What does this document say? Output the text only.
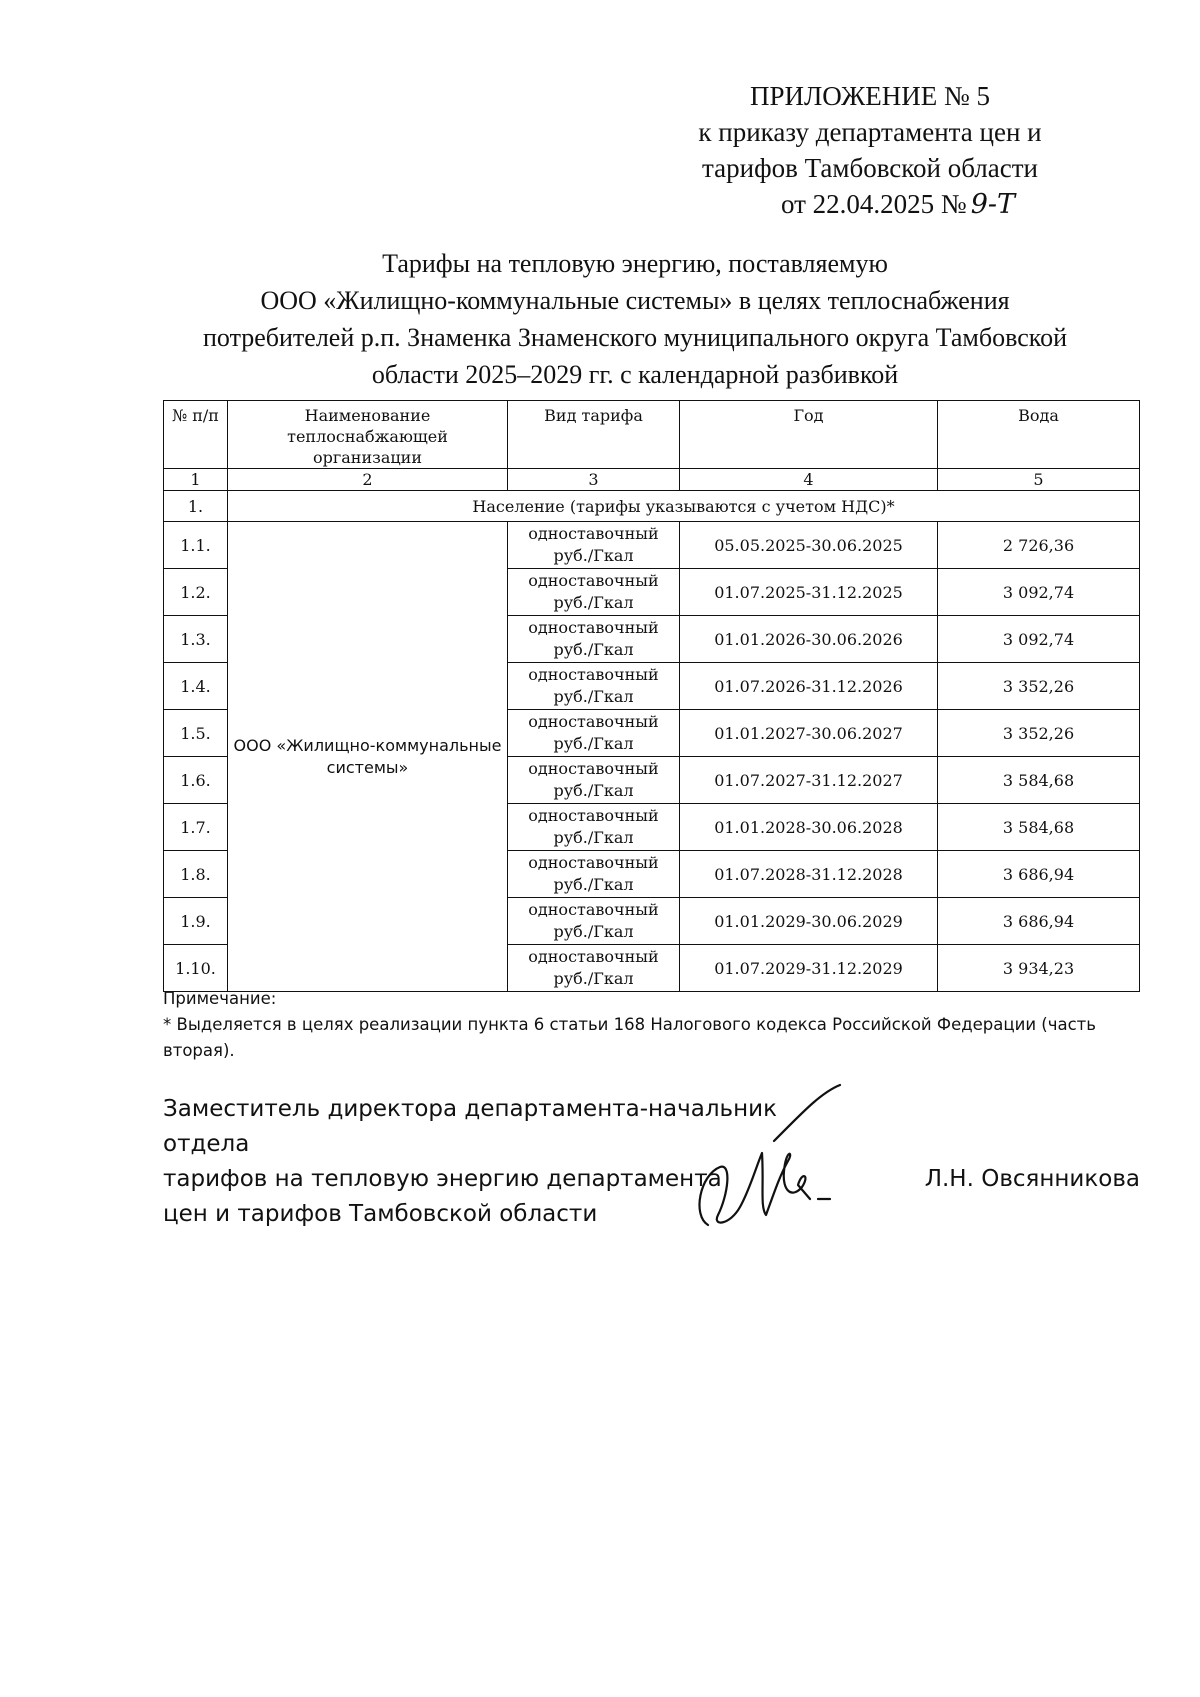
ПРИЛОЖЕНИЕ № 5
к приказу департамента цен и
тарифов Тамбовской области
от 22.04.2025 № 9-Т
Тарифы на тепловую энергию, поставляемую
ООО «Жилищно-коммунальные системы» в целях теплоснабжения
потребителей р.п. Знаменка Знаменского муниципального округа Тамбовской
области 2025–2029 гг. с календарной разбивкой
№ п/п	Наименование теплоснабжающей организации	Вид тарифа	Год	Вода
1	2	3	4	5
1.	Население (тарифы указываются с учетом НДС)*			
1.1.	ООО «Жилищно-коммунальные системы»	одноставочный руб./Гкал	05.05.2025-30.06.2025	2 726,36
1.2.		одноставочный руб./Гкал	01.07.2025-31.12.2025	3 092,74
1.3.		одноставочный руб./Гкал	01.01.2026-30.06.2026	3 092,74
1.4.		одноставочный руб./Гкал	01.07.2026-31.12.2026	3 352,26
1.5.		одноставочный руб./Гкал	01.01.2027-30.06.2027	3 352,26
1.6.		одноставочный руб./Гкал	01.07.2027-31.12.2027	3 584,68
1.7.		одноставочный руб./Гкал	01.01.2028-30.06.2028	3 584,68
1.8.		одноставочный руб./Гкал	01.07.2028-31.12.2028	3 686,94
1.9.		одноставочный руб./Гкал	01.01.2029-30.06.2029	3 686,94
1.10.		одноставочный руб./Гкал	01.07.2029-31.12.2029	3 934,23
Примечание:
* Выделяется в целях реализации пункта 6 статьи 168 Налогового кодекса Российской Федерации (часть вторая).
Заместитель директора департамента-начальник отдела
тарифов на тепловую энергию департамента
цен и тарифов Тамбовской области
Л.Н. Овсянникова
